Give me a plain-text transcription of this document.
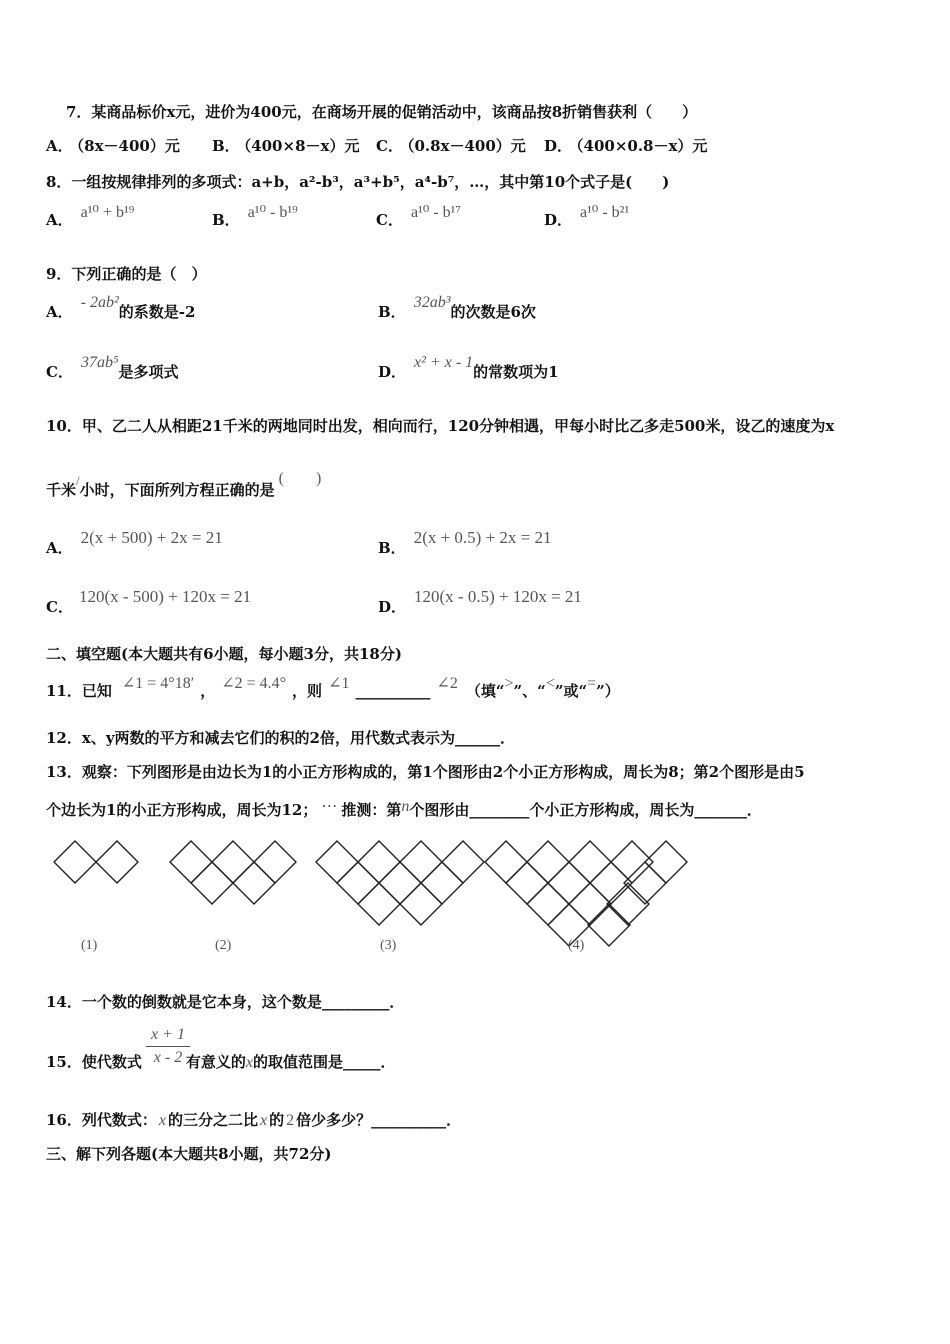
7．某商品标价x元，进价为400元，在商场开展的促销活动中，该商品按8折销售获利（　　）
A． （8x－400）元 B． （400×8－x）元 C． （0.8x－400）元 D． （400×0.8－x）元
8．一组按规律排列的多项式：a+b，a²-b³，a³+b⁵，a⁴-b⁷，…，其中第10个式子是(　　)
A． a¹⁰ + b¹⁹	B． a¹⁰ - b¹⁹	C． a¹⁰ - b¹⁷	D． a¹⁰ - b²¹
9．下列正确的是（　）
A．- 2ab²的系数是-2	B．32ab³的次数是6次
C．37ab⁵是多项式	D．x² + x - 1的常数项为1
10．甲、乙二人从相距21千米的两地同时出发，相向而行，120分钟相遇，甲每小时比乙多走500米，设乙的速度为x
千米/小时，下面所列方程正确的是(　　)
A．2(x + 500) + 2x = 21
B．2(x + 0.5) + 2x = 21
C．120(x - 500) + 120x = 21
D．120(x - 0.5) + 120x = 21
二、填空题(本大题共有6小题，每小题3分，共18分)
11．已知 ∠1 = 4°18′ ， ∠2 = 4.4° ，则 ∠1 __________ ∠2 （填“>”、“<”或“=”）
12．x、y两数的平方和减去它们的积的2倍，用代数式表示为______．
13．观察：下列图形是由边长为1的小正方形构成的，第1个图形由2个小正方形构成，周长为8；第2个图形是由5
个边长为1的小正方形构成，周长为12； ⋯ 推测：第n个图形由________个小正方形构成，周长为_______．
(1)	(2)	(3)	(4)
14．一个数的倒数就是它本身，这个数是_________．
15．使代数式	有意义的x的取值范围是_____．
$\frac{x + 1}{x - 2}$
16．列代数式： x 的三分之二比 x 的 2 倍少多少？__________．
三、解下列各题(本大题共8小题，共72分)
